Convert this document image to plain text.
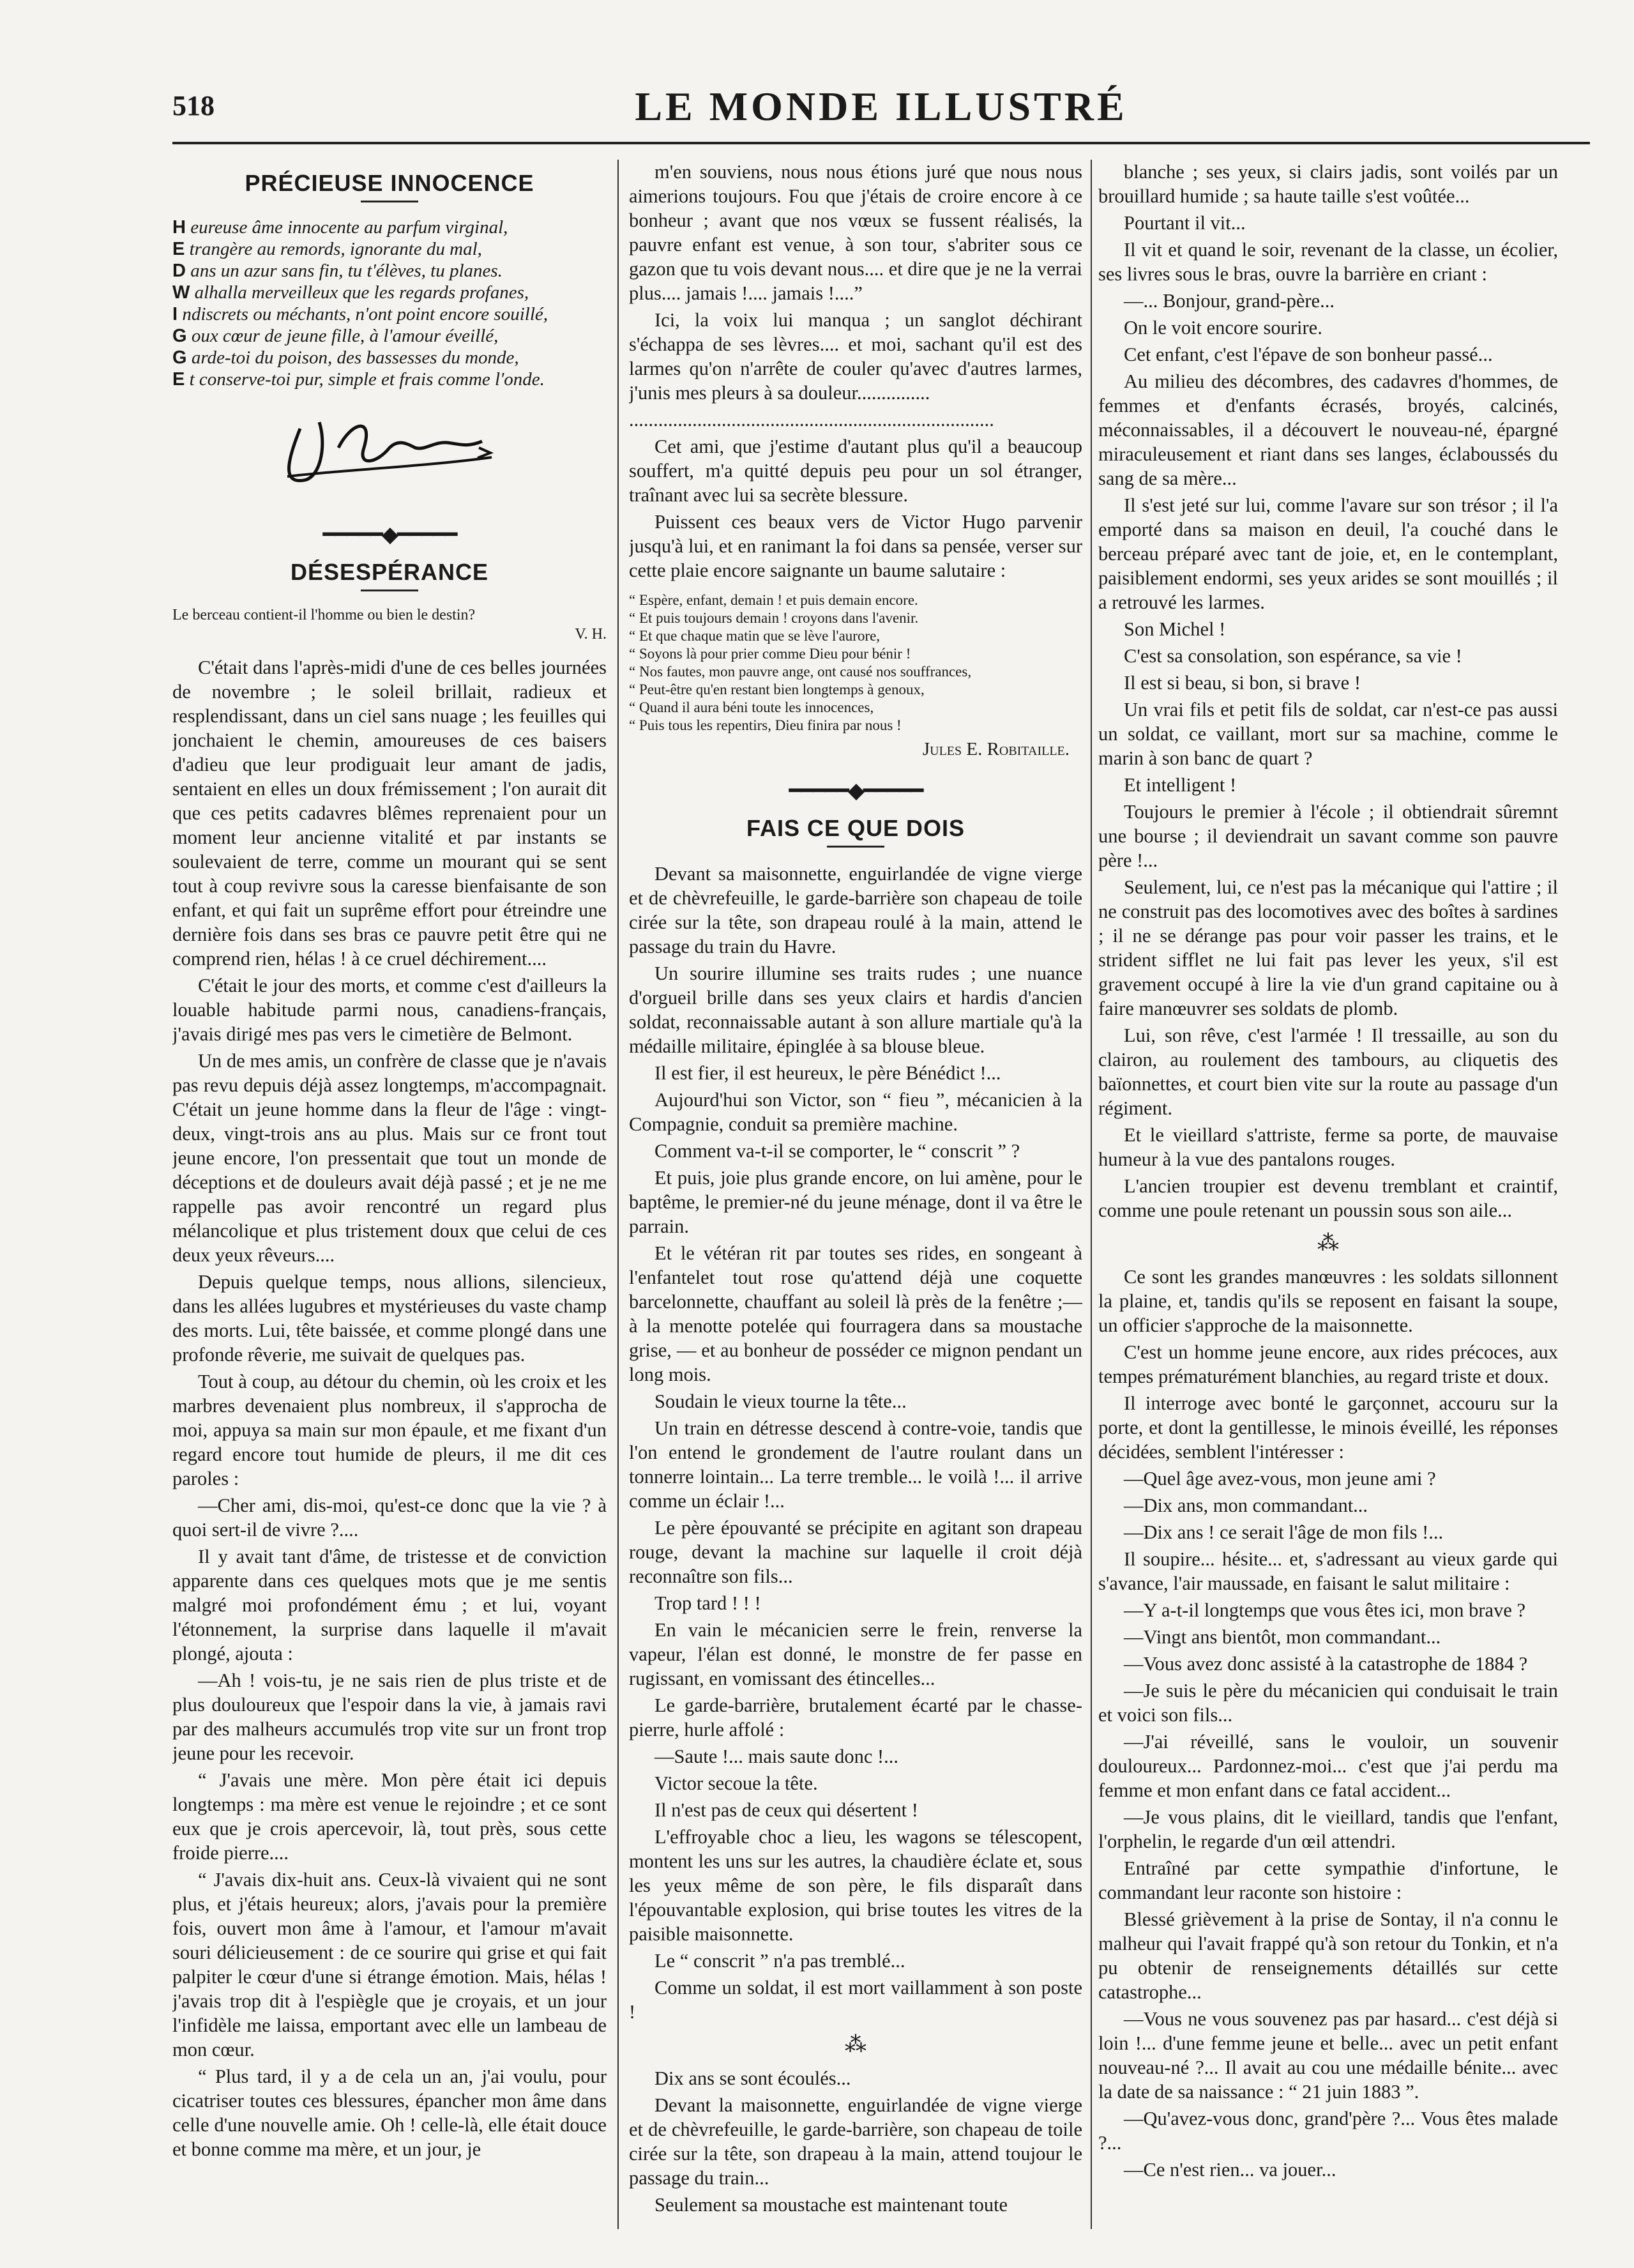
518	LE MONDE ILLUSTRÉ
PRÉCIEUSE INNOCENCE
H eureuse âme innocente au parfum virginal,
E trangère au remords, ignorante du mal,
D ans un azur sans fin, tu t'élèves, tu planes.
W alhalla merveilleux que les regards profanes,
I ndiscrets ou méchants, n'ont point encore souillé,
G oux cœur de jeune fille, à l'amour éveillé,
G arde-toi du poison, des bassesses du monde,
E t conserve-toi pur, simple et frais comme l'onde.
━━━━━◆━━━━━
DÉSESPÉRANCE
Le berceau contient-il l'homme ou bien le destin?
V. H.

C'était dans l'après-midi d'une de ces belles journées de novembre ; le soleil brillait, radieux et resplendissant, dans un ciel sans nuage ; les feuilles qui jonchaient le chemin, amoureuses de ces baisers d'adieu que leur prodiguait leur amant de jadis, sentaient en elles un doux frémissement ; l'on aurait dit que ces petits cadavres blêmes reprenaient pour un moment leur ancienne vitalité et par instants se soulevaient de terre, comme un mourant qui se sent tout à coup revivre sous la caresse bienfaisante de son enfant, et qui fait un suprême effort pour étreindre une dernière fois dans ses bras ce pauvre petit être qui ne comprend rien, hélas ! à ce cruel déchirement....

C'était le jour des morts, et comme c'est d'ailleurs la louable habitude parmi nous, canadiens-français, j'avais dirigé mes pas vers le cimetière de Belmont.

Un de mes amis, un confrère de classe que je n'avais pas revu depuis déjà assez longtemps, m'accompagnait. C'était un jeune homme dans la fleur de l'âge : vingt-deux, vingt-trois ans au plus. Mais sur ce front tout jeune encore, l'on pressentait que tout un monde de déceptions et de douleurs avait déjà passé ; et je ne me rappelle pas avoir rencontré un regard plus mélancolique et plus tristement doux que celui de ces deux yeux rêveurs....

Depuis quelque temps, nous allions, silencieux, dans les allées lugubres et mystérieuses du vaste champ des morts. Lui, tête baissée, et comme plongé dans une profonde rêverie, me suivait de quelques pas.

Tout à coup, au détour du chemin, où les croix et les marbres devenaient plus nombreux, il s'approcha de moi, appuya sa main sur mon épaule, et me fixant d'un regard encore tout humide de pleurs, il me dit ces paroles :

—Cher ami, dis-moi, qu'est-ce donc que la vie ? à quoi sert-il de vivre ?....

Il y avait tant d'âme, de tristesse et de conviction apparente dans ces quelques mots que je me sentis malgré moi profondément ému ; et lui, voyant l'étonnement, la surprise dans laquelle il m'avait plongé, ajouta :

—Ah ! vois-tu, je ne sais rien de plus triste et de plus douloureux que l'espoir dans la vie, à jamais ravi par des malheurs accumulés trop vite sur un front trop jeune pour les recevoir.

“ J'avais une mère. Mon père était ici depuis longtemps : ma mère est venue le rejoindre ; et ce sont eux que je crois apercevoir, là, tout près, sous cette froide pierre....

“ J'avais dix-huit ans. Ceux-là vivaient qui ne sont plus, et j'étais heureux; alors, j'avais pour la première fois, ouvert mon âme à l'amour, et l'amour m'avait souri délicieusement : de ce sourire qui grise et qui fait palpiter le cœur d'une si étrange émotion. Mais, hélas ! j'avais trop dit à l'espiègle que je croyais, et un jour l'infidèle me laissa, emportant avec elle un lambeau de mon cœur.

“ Plus tard, il y a de cela un an, j'ai voulu, pour cicatriser toutes ces blessures, épancher mon âme dans celle d'une nouvelle amie. Oh ! celle-là, elle était douce et bonne comme ma mère, et un jour, je

m'en souviens, nous nous étions juré que nous nous aimerions toujours. Fou que j'étais de croire encore à ce bonheur ; avant que nos vœux se fussent réalisés, la pauvre enfant est venue, à son tour, s'abriter sous ce gazon que tu vois devant nous.... et dire que je ne la verrai plus.... jamais !.... jamais !....”

Ici, la voix lui manqua ; un sanglot déchirant s'échappa de ses lèvres.... et moi, sachant qu'il est des larmes qu'on n'arrête de couler qu'avec d'autres larmes, j'unis mes pleurs à sa douleur...............

...........................................................................

Cet ami, que j'estime d'autant plus qu'il a beaucoup souffert, m'a quitté depuis peu pour un sol étranger, traînant avec lui sa secrète blessure.

Puissent ces beaux vers de Victor Hugo parvenir jusqu'à lui, et en ranimant la foi dans sa pensée, verser sur cette plaie encore saignante un baume salutaire :

“ Espère, enfant, demain ! et puis demain encore.
“ Et puis toujours demain ! croyons dans l'avenir.
“ Et que chaque matin que se lève l'aurore,
“ Soyons là pour prier comme Dieu pour bénir !
“ Nos fautes, mon pauvre ange, ont causé nos souffrances,
“ Peut-être qu'en restant bien longtemps à genoux,
“ Quand il aura béni toute les innocences,
“ Puis tous les repentirs, Dieu finira par nous !

Jules E. Robitaille.

━━━━━◆━━━━━
FAIS CE QUE DOIS

Devant sa maisonnette, enguirlandée de vigne vierge et de chèvrefeuille, le garde-barrière son chapeau de toile cirée sur la tête, son drapeau roulé à la main, attend le passage du train du Havre.

Un sourire illumine ses traits rudes ; une nuance d'orgueil brille dans ses yeux clairs et hardis d'ancien soldat, reconnaissable autant à son allure martiale qu'à la médaille militaire, épinglée à sa blouse bleue.

Il est fier, il est heureux, le père Bénédict !...

Aujourd'hui son Victor, son “ fieu ”, mécanicien à la Compagnie, conduit sa première machine.

Comment va-t-il se comporter, le “ conscrit ” ?

Et puis, joie plus grande encore, on lui amène, pour le baptême, le premier-né du jeune ménage, dont il va être le parrain.

Et le vétéran rit par toutes ses rides, en songeant à l'enfantelet tout rose qu'attend déjà une coquette barcelonnette, chauffant au soleil là près de la fenêtre ;— à la menotte potelée qui fourragera dans sa moustache grise, — et au bonheur de posséder ce mignon pendant un long mois.

Soudain le vieux tourne la tête...

Un train en détresse descend à contre-voie, tandis que l'on entend le grondement de l'autre roulant dans un tonnerre lointain... La terre tremble... le voilà !... il arrive comme un éclair !...

Le père épouvanté se précipite en agitant son drapeau rouge, devant la machine sur laquelle il croit déjà reconnaître son fils...

Trop tard ! ! !

En vain le mécanicien serre le frein, renverse la vapeur, l'élan est donné, le monstre de fer passe en rugissant, en vomissant des étincelles...

Le garde-barrière, brutalement écarté par le chasse-pierre, hurle affolé :

—Saute !... mais saute donc !...

Victor secoue la tête.

Il n'est pas de ceux qui désertent !

L'effroyable choc a lieu, les wagons se télescopent, montent les uns sur les autres, la chaudière éclate et, sous les yeux même de son père, le fils disparaît dans l'épouvantable explosion, qui brise toutes les vitres de la paisible maisonnette.

Le “ conscrit ” n'a pas tremblé...

Comme un soldat, il est mort vaillamment à son poste !

⁂

Dix ans se sont écoulés...

Devant la maisonnette, enguirlandée de vigne vierge et de chèvrefeuille, le garde-barrière, son chapeau de toile cirée sur la tête, son drapeau à la main, attend toujour le passage du train...

Seulement sa moustache est maintenant toute

blanche ; ses yeux, si clairs jadis, sont voilés par un brouillard humide ; sa haute taille s'est voûtée...

Pourtant il vit...

Il vit et quand le soir, revenant de la classe, un écolier, ses livres sous le bras, ouvre la barrière en criant :

—... Bonjour, grand-père...

On le voit encore sourire.

Cet enfant, c'est l'épave de son bonheur passé...

Au milieu des décombres, des cadavres d'hommes, de femmes et d'enfants écrasés, broyés, calcinés, méconnaissables, il a découvert le nouveau-né, épargné miraculeusement et riant dans ses langes, éclaboussés du sang de sa mère...

Il s'est jeté sur lui, comme l'avare sur son trésor ; il l'a emporté dans sa maison en deuil, l'a couché dans le berceau préparé avec tant de joie, et, en le contemplant, paisiblement endormi, ses yeux arides se sont mouillés ; il a retrouvé les larmes.

Son Michel !

C'est sa consolation, son espérance, sa vie !

Il est si beau, si bon, si brave !

Un vrai fils et petit fils de soldat, car n'est-ce pas aussi un soldat, ce vaillant, mort sur sa machine, comme le marin à son banc de quart ?

Et intelligent !

Toujours le premier à l'école ; il obtiendrait sûremnt une bourse ; il deviendrait un savant comme son pauvre père !...

Seulement, lui, ce n'est pas la mécanique qui l'attire ; il ne construit pas des locomotives avec des boîtes à sardines ; il ne se dérange pas pour voir passer les trains, et le strident sifflet ne lui fait pas lever les yeux, s'il est gravement occupé à lire la vie d'un grand capitaine ou à faire manœuvrer ses soldats de plomb.

Lui, son rêve, c'est l'armée ! Il tressaille, au son du clairon, au roulement des tambours, au cliquetis des baïonnettes, et court bien vite sur la route au passage d'un régiment.

Et le vieillard s'attriste, ferme sa porte, de mauvaise humeur à la vue des pantalons rouges.

L'ancien troupier est devenu tremblant et craintif, comme une poule retenant un poussin sous son aile...

⁂

Ce sont les grandes manœuvres : les soldats sillonnent la plaine, et, tandis qu'ils se reposent en faisant la soupe, un officier s'approche de la maisonnette.

C'est un homme jeune encore, aux rides précoces, aux tempes prématurément blanchies, au regard triste et doux.

Il interroge avec bonté le garçonnet, accouru sur la porte, et dont la gentillesse, le minois éveillé, les réponses décidées, semblent l'intéresser :

—Quel âge avez-vous, mon jeune ami ?

—Dix ans, mon commandant...

—Dix ans ! ce serait l'âge de mon fils !...

Il soupire... hésite... et, s'adressant au vieux garde qui s'avance, l'air maussade, en faisant le salut militaire :

—Y a-t-il longtemps que vous êtes ici, mon brave ?

—Vingt ans bientôt, mon commandant...

—Vous avez donc assisté à la catastrophe de 1884 ?

—Je suis le père du mécanicien qui conduisait le train et voici son fils...

—J'ai réveillé, sans le vouloir, un souvenir douloureux... Pardonnez-moi... c'est que j'ai perdu ma femme et mon enfant dans ce fatal accident...

—Je vous plains, dit le vieillard, tandis que l'enfant, l'orphelin, le regarde d'un œil attendri.

Entraîné par cette sympathie d'infortune, le commandant leur raconte son histoire :

Blessé grièvement à la prise de Sontay, il n'a connu le malheur qui l'avait frappé qu'à son retour du Tonkin, et n'a pu obtenir de renseignements détaillés sur cette catastrophe...

—Vous ne vous souvenez pas par hasard... c'est déjà si loin !... d'une femme jeune et belle... avec un petit enfant nouveau-né ?... Il avait au cou une médaille bénite... avec la date de sa naissance : “ 21 juin 1883 ”.

—Qu'avez-vous donc, grand'père ?... Vous êtes malade ?...

—Ce n'est rien... va jouer...
